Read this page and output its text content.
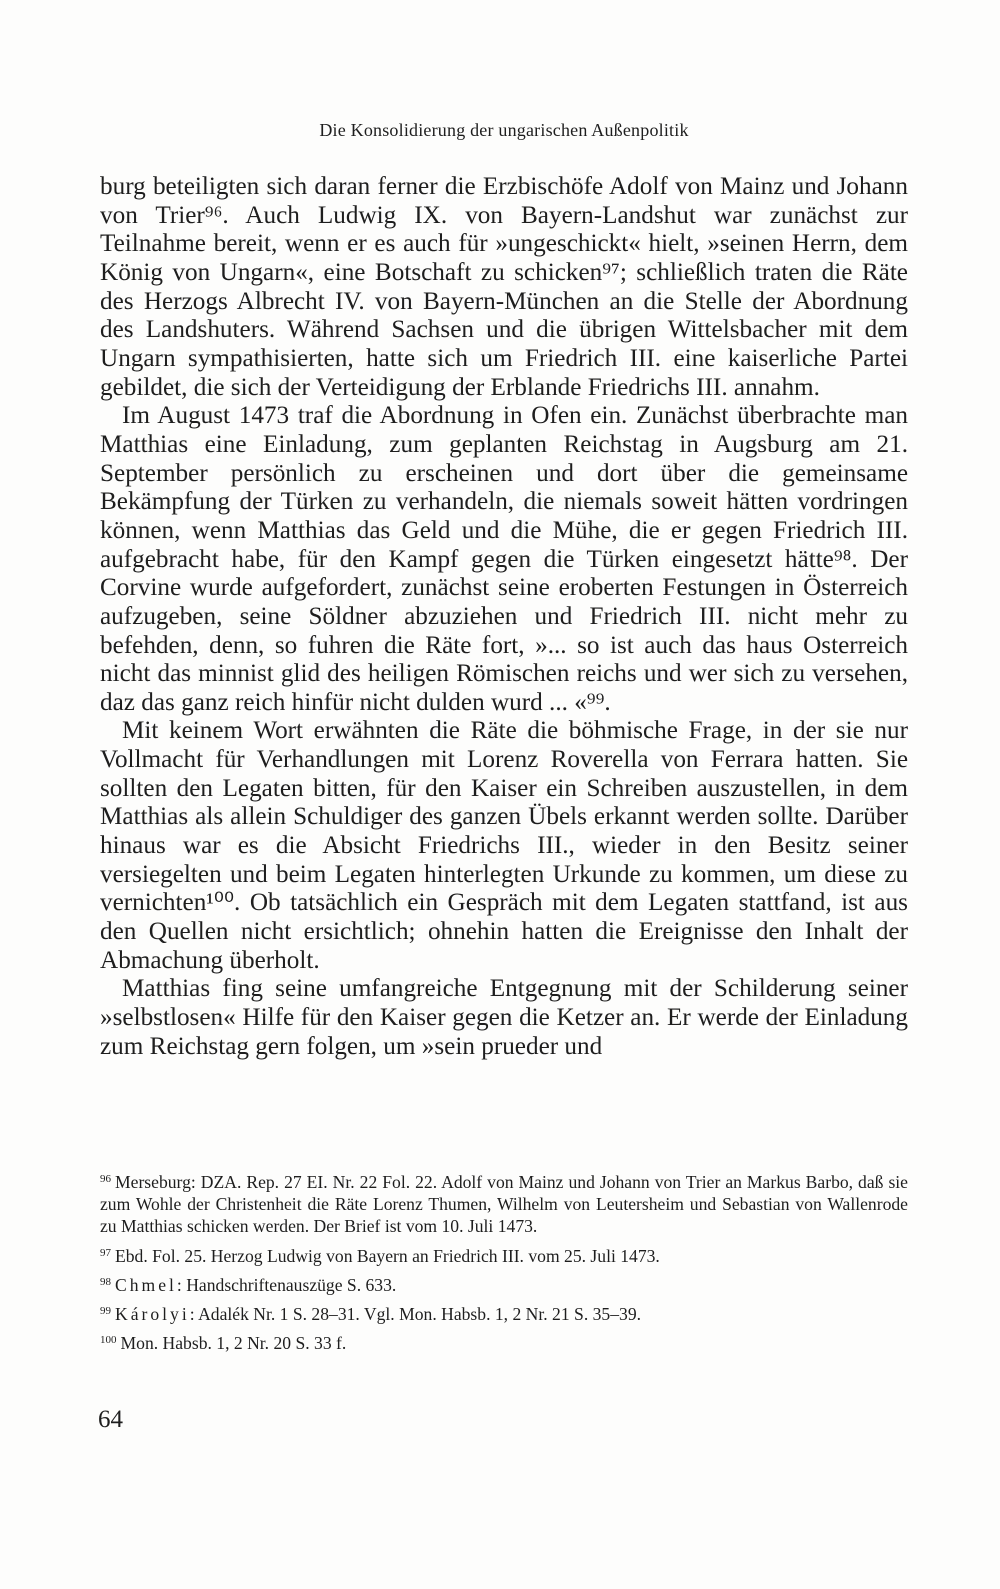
Die Konsolidierung der ungarischen Außenpolitik

burg beteiligten sich daran ferner die Erzbischöfe Adolf von Mainz und Johann von Trier⁹⁶. Auch Ludwig IX. von Bayern-Landshut war zunächst zur Teilnahme bereit, wenn er es auch für »ungeschickt« hielt, »seinen Herrn, dem König von Ungarn«, eine Botschaft zu schicken⁹⁷; schließlich traten die Räte des Herzogs Albrecht IV. von Bayern-München an die Stelle der Abordnung des Landshuters. Während Sachsen und die übrigen Wittelsbacher mit dem Ungarn sympathisierten, hatte sich um Friedrich III. eine kaiserliche Partei gebildet, die sich der Verteidigung der Erblande Friedrichs III. annahm.

Im August 1473 traf die Abordnung in Ofen ein. Zunächst überbrachte man Matthias eine Einladung, zum geplanten Reichstag in Augsburg am 21. September persönlich zu erscheinen und dort über die gemeinsame Bekämpfung der Türken zu verhandeln, die niemals soweit hätten vordringen können, wenn Matthias das Geld und die Mühe, die er gegen Friedrich III. aufgebracht habe, für den Kampf gegen die Türken eingesetzt hätte⁹⁸. Der Corvine wurde aufgefordert, zunächst seine eroberten Festungen in Österreich aufzugeben, seine Söldner abzuziehen und Friedrich III. nicht mehr zu befehden, denn, so fuhren die Räte fort, »... so ist auch das haus Osterreich nicht das minnist glid des heiligen Römischen reichs und wer sich zu versehen, daz das ganz reich hinfür nicht dulden wurd ... «⁹⁹.

Mit keinem Wort erwähnten die Räte die böhmische Frage, in der sie nur Vollmacht für Verhandlungen mit Lorenz Roverella von Ferrara hatten. Sie sollten den Legaten bitten, für den Kaiser ein Schreiben auszustellen, in dem Matthias als allein Schuldiger des ganzen Übels erkannt werden sollte. Darüber hinaus war es die Absicht Friedrichs III., wieder in den Besitz seiner versiegelten und beim Legaten hinterlegten Urkunde zu kommen, um diese zu vernichten¹⁰⁰. Ob tatsächlich ein Gespräch mit dem Legaten stattfand, ist aus den Quellen nicht ersichtlich; ohnehin hatten die Ereignisse den Inhalt der Abmachung überholt.

Matthias fing seine umfangreiche Entgegnung mit der Schilderung seiner »selbstlosen« Hilfe für den Kaiser gegen die Ketzer an. Er werde der Einladung zum Reichstag gern folgen, um »sein prueder und

$^{96}$ Merseburg: DZA. Rep. 27 EI. Nr. 22 Fol. 22. Adolf von Mainz und Johann von Trier an Markus Barbo, daß sie zum Wohle der Christenheit die Räte Lorenz Thumen, Wilhelm von Leutersheim und Sebastian von Wallenrode zu Matthias schicken werden. Der Brief ist vom 10. Juli 1473.

$^{97}$ Ebd. Fol. 25. Herzog Ludwig von Bayern an Friedrich III. vom 25. Juli 1473.

$^{98}$ Chmel: Handschriftenauszüge S. 633.

$^{99}$ Károlyi: Adalék Nr. 1 S. 28–31. Vgl. Mon. Habsb. 1, 2 Nr. 21 S. 35–39.

$^{100}$ Mon. Habsb. 1, 2 Nr. 20 S. 33 f.

64
